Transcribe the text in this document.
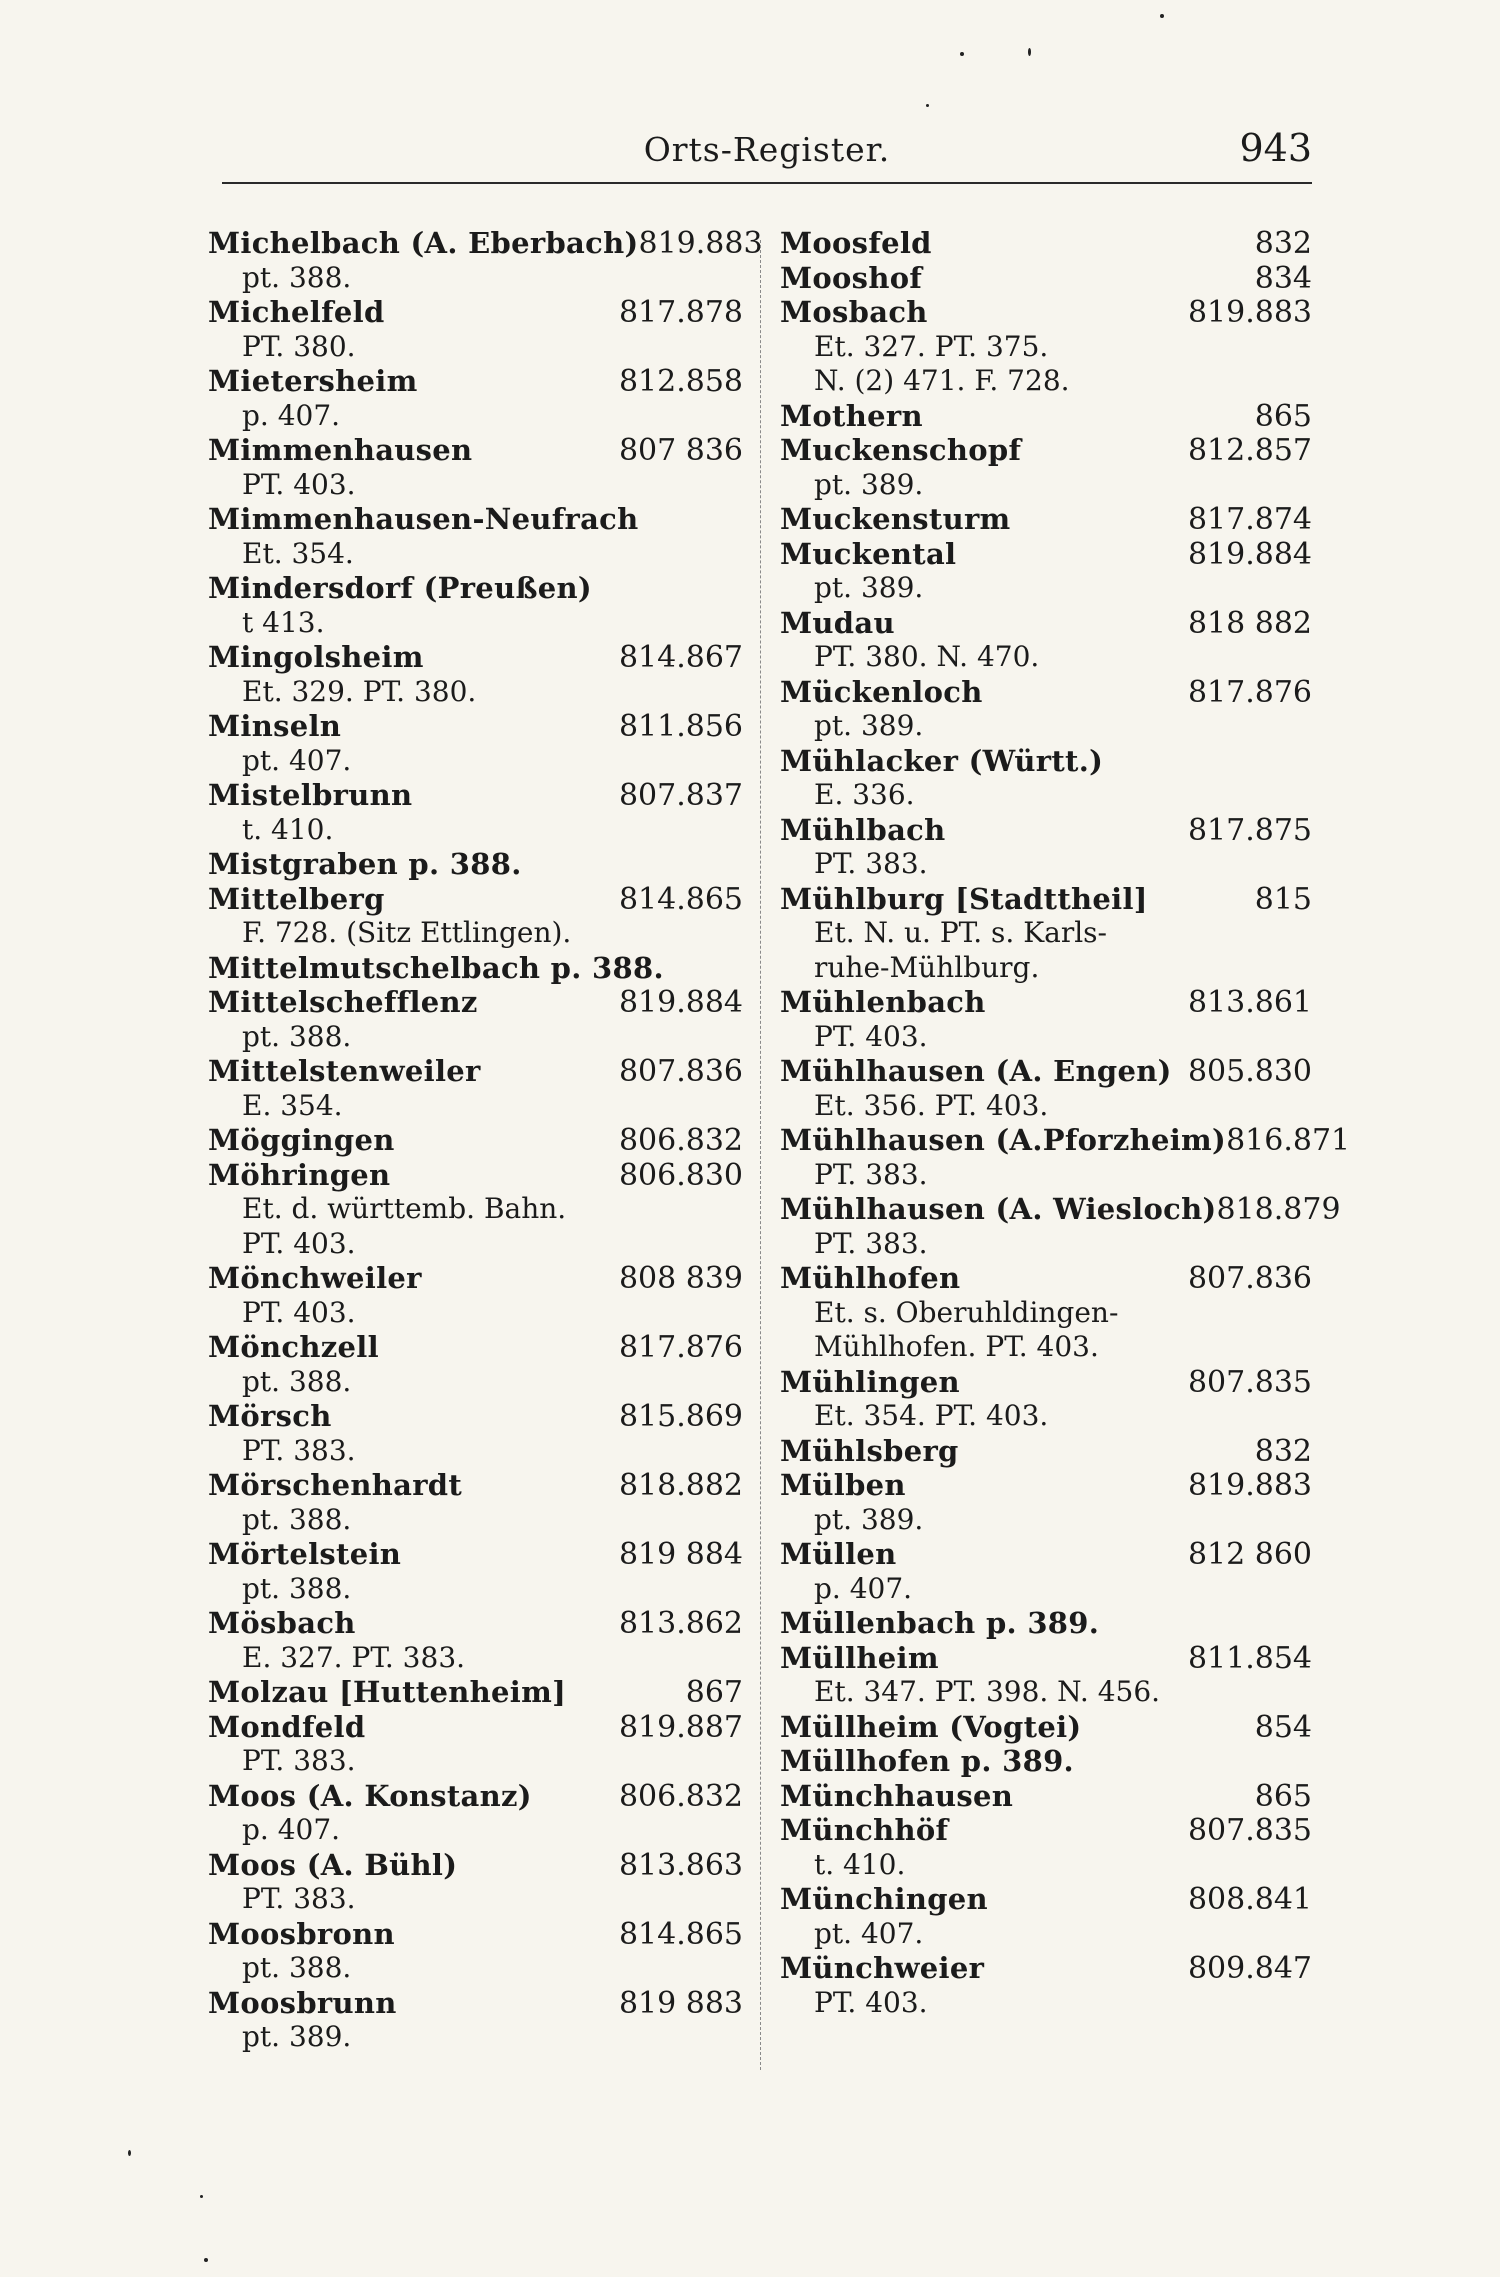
Orts-Register.	943
Michelbach (A. Eberbach) 819.883
pt. 388.
Michelfeld	817.878
PT. 380.
Mietersheim	812.858
p. 407.
Mimmenhausen	807 836
PT. 403.
Mimmenhausen-Neufrach
Et. 354.
Mindersdorf (Preußen)
t 413.
Mingolsheim	814.867
Et. 329. PT. 380.
Minseln	811.856
pt. 407.
Mistelbrunn	807.837
t. 410.
Mistgraben p. 388.
Mittelberg	814.865
F. 728. (Sitz Ettlingen).
Mittelmutschelbach p. 388.
Mittelschefflenz	819.884
pt. 388.
Mittelstenweiler	807.836
E. 354.
Möggingen	806.832
Möhringen	806.830
Et. d. württemb. Bahn.
PT. 403.
Mönchweiler	808 839
PT. 403.
Mönchzell	817.876
pt. 388.
Mörsch	815.869
PT. 383.
Mörschenhardt	818.882
pt. 388.
Mörtelstein	819 884
pt. 388.
Mösbach	813.862
E. 327. PT. 383.
Molzau [Huttenheim]	867
Mondfeld	819.887
PT. 383.
Moos (A. Konstanz)	806.832
p. 407.
Moos (A. Bühl)	813.863
PT. 383.
Moosbronn	814.865
pt. 388.
Moosbrunn	819 883
pt. 389.
Moosfeld	832
Mooshof	834
Mosbach	819.883
Et. 327. PT. 375.
N. (2) 471. F. 728.
Mothern	865
Muckenschopf	812.857
pt. 389.
Muckensturm	817.874
Muckental	819.884
pt. 389.
Mudau	818 882
PT. 380. N. 470.
Mückenloch	817.876
pt. 389.
Mühlacker (Württ.)
E. 336.
Mühlbach	817.875
PT. 383.
Mühlburg [Stadttheil]	815
Et. N. u. PT. s. Karls-
ruhe-Mühlburg.
Mühlenbach	813.861
PT. 403.
Mühlhausen (A. Engen) 805.830
Et. 356. PT. 403.
Mühlhausen (A.Pforzheim) 816.871
PT. 383.
Mühlhausen (A. Wiesloch) 818.879
PT. 383.
Mühlhofen	807.836
Et. s. Oberuhldingen-
Mühlhofen. PT. 403.
Mühlingen	807.835
Et. 354. PT. 403.
Mühlsberg	832
Mülben	819.883
pt. 389.
Müllen	812 860
p. 407.
Müllenbach p. 389.
Müllheim	811.854
Et. 347. PT. 398. N. 456.
Müllheim (Vogtei)	854
Müllhofen p. 389.
Münchhausen	865
Münchhöf	807.835
t. 410.
Münchingen	808.841
pt. 407.
Münchweier	809.847
PT. 403.
